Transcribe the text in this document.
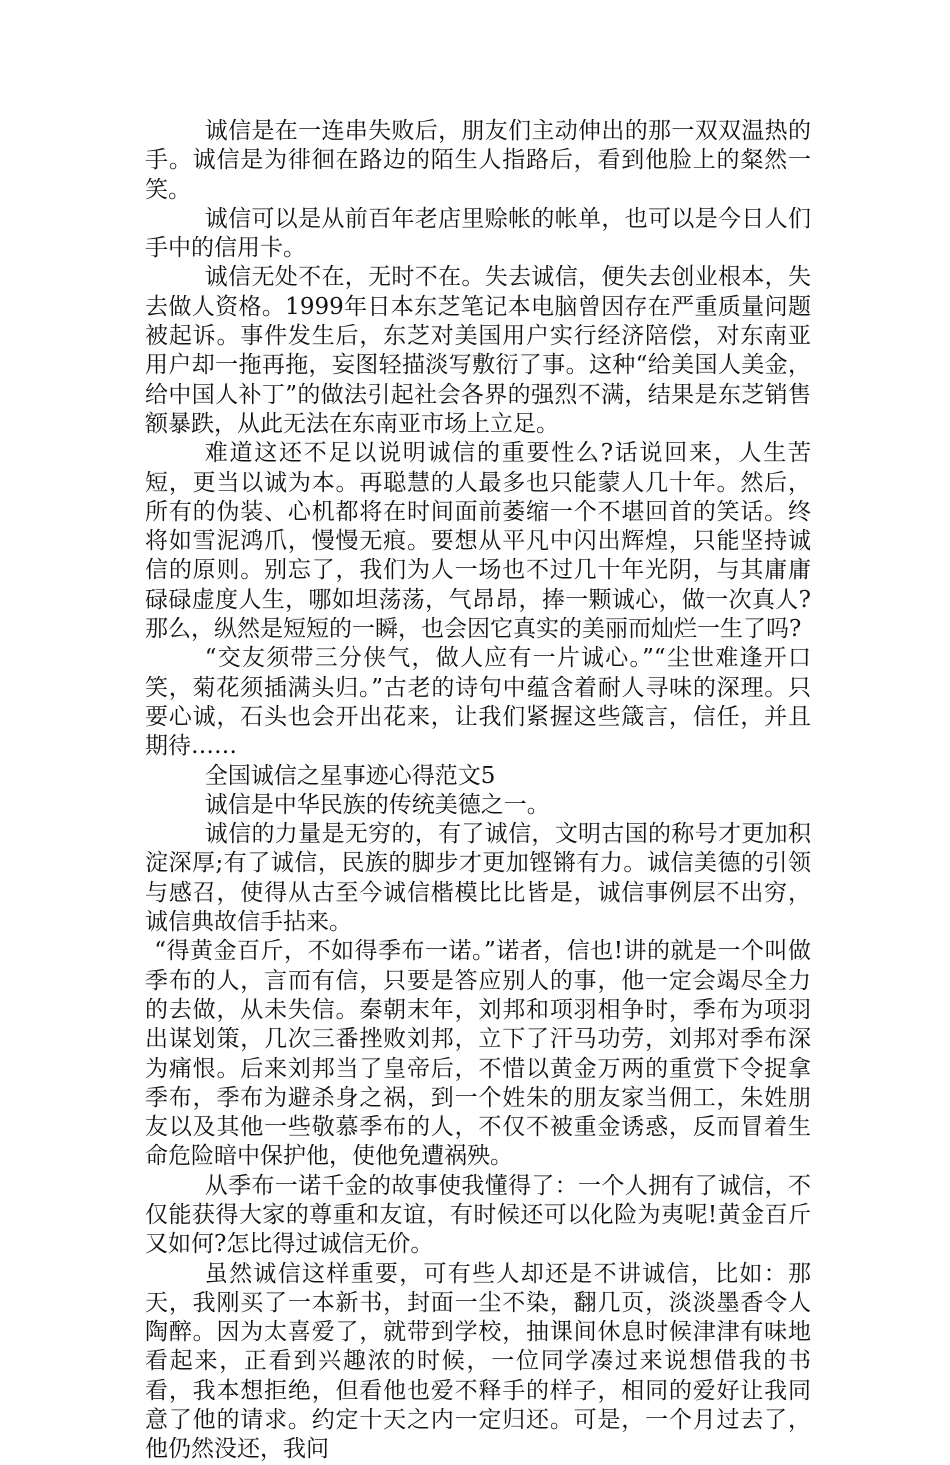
诚信是在一连串失败后，朋友们主动伸出的那一双双温热的手。诚信是为徘徊在路边的陌生人指路后，看到他脸上的粲然一笑。

诚信可以是从前百年老店里赊帐的帐单，也可以是今日人们手中的信用卡。

诚信无处不在，无时不在。失去诚信，便失去创业根本，失去做人资格。1999年日本东芝笔记本电脑曾因存在严重质量问题被起诉。事件发生后，东芝对美国用户实行经济陪偿，对东南亚用户却一拖再拖，妄图轻描淡写敷衍了事。这种“给美国人美金，给中国人补丁”的做法引起社会各界的强烈不满，结果是东芝销售额暴跌，从此无法在东南亚市场上立足。

难道这还不足以说明诚信的重要性么?话说回来，人生苦短，更当以诚为本。再聪慧的人最多也只能蒙人几十年。然后，所有的伪装、心机都将在时间面前萎缩一个不堪回首的笑话。终将如雪泥鸿爪，慢慢无痕。要想从平凡中闪出辉煌，只能坚持诚信的原则。别忘了，我们为人一场也不过几十年光阴，与其庸庸碌碌虚度人生，哪如坦荡荡，气昂昂，捧一颗诚心，做一次真人?那么，纵然是短短的一瞬，也会因它真实的美丽而灿烂一生了吗?

“交友须带三分侠气，做人应有一片诚心。”“尘世难逢开口笑，菊花须插满头归。”古老的诗句中蕴含着耐人寻味的深理。只要心诚，石头也会开出花来，让我们紧握这些箴言，信任，并且期待……

全国诚信之星事迹心得范文5

诚信是中华民族的传统美德之一。

诚信的力量是无穷的，有了诚信，文明古国的称号才更加积淀深厚;有了诚信，民族的脚步才更加铿锵有力。诚信美德的引领与感召，使得从古至今诚信楷模比比皆是，诚信事例层不出穷，诚信典故信手拈来。

“得黄金百斤，不如得季布一诺。”诺者，信也!讲的就是一个叫做季布的人，言而有信，只要是答应别人的事，他一定会竭尽全力的去做，从未失信。秦朝末年，刘邦和项羽相争时，季布为项羽出谋划策，几次三番挫败刘邦，立下了汗马功劳，刘邦对季布深为痛恨。后来刘邦当了皇帝后，不惜以黄金万两的重赏下令捉拿季布，季布为避杀身之祸，到一个姓朱的朋友家当佣工，朱姓朋友以及其他一些敬慕季布的人，不仅不被重金诱惑，反而冒着生命危险暗中保护他，使他免遭祸殃。

从季布一诺千金的故事使我懂得了：一个人拥有了诚信，不仅能获得大家的尊重和友谊，有时候还可以化险为夷呢!黄金百斤又如何?怎比得过诚信无价。

虽然诚信这样重要，可有些人却还是不讲诚信，比如：那天，我刚买了一本新书，封面一尘不染，翻几页，淡淡墨香令人陶醉。因为太喜爱了，就带到学校，抽课间休息时候津津有味地看起来，正看到兴趣浓的时候，一位同学凑过来说想借我的书看，我本想拒绝，但看他也爱不释手的样子，相同的爱好让我同意了他的请求。约定十天之内一定归还。可是，一个月过去了，他仍然没还，我问
